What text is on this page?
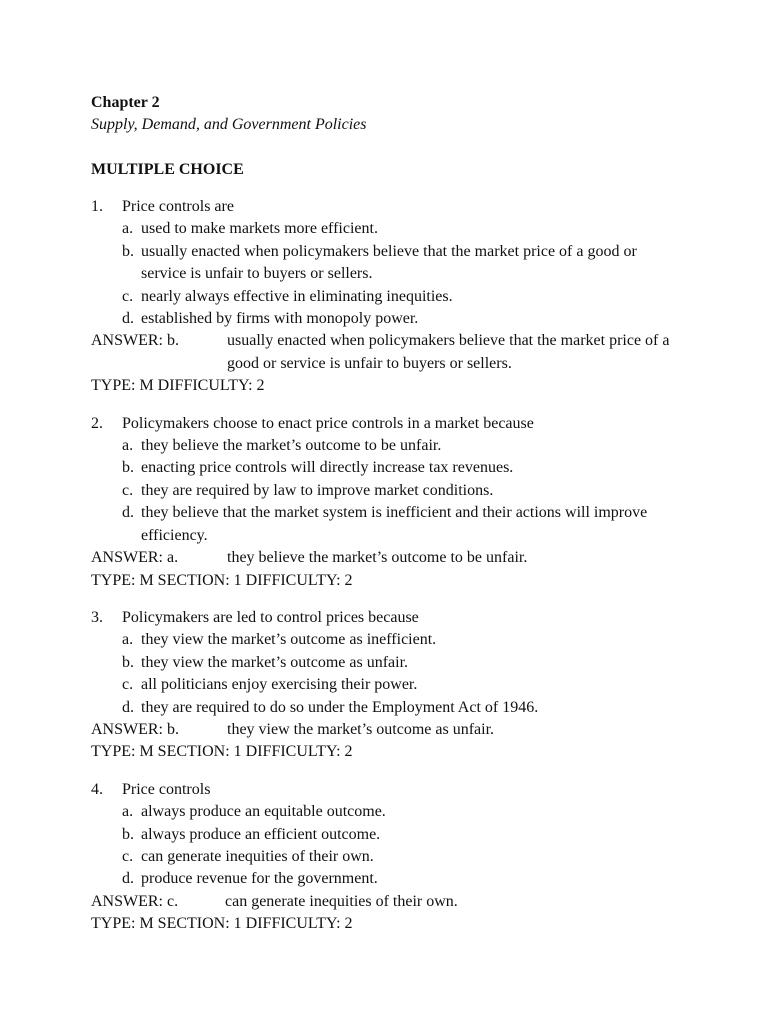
Chapter 2
Supply, Demand, and Government Policies
MULTIPLE CHOICE
1.	Price controls are
a. used to make markets more efficient.
b. usually enacted when policymakers believe that the market price of a good or service is unfair to buyers or sellers.
c. nearly always effective in eliminating inequities.
d. established by firms with monopoly power.
ANSWER: b.	usually enacted when policymakers believe that the market price of a good or service is unfair to buyers or sellers.
TYPE: M DIFFICULTY: 2
2.	Policymakers choose to enact price controls in a market because
a. they believe the market’s outcome to be unfair.
b. enacting price controls will directly increase tax revenues.
c. they are required by law to improve market conditions.
d. they believe that the market system is inefficient and their actions will improve efficiency.
ANSWER: a.	they believe the market’s outcome to be unfair.
TYPE: M SECTION: 1 DIFFICULTY: 2
3.	Policymakers are led to control prices because
a. they view the market’s outcome as inefficient.
b. they view the market’s outcome as unfair.
c. all politicians enjoy exercising their power.
d. they are required to do so under the Employment Act of 1946.
ANSWER: b.	they view the market’s outcome as unfair.
TYPE: M SECTION: 1 DIFFICULTY: 2
4.	Price controls
a. always produce an equitable outcome.
b. always produce an efficient outcome.
c. can generate inequities of their own.
d. produce revenue for the government.
ANSWER: c.	can generate inequities of their own.
TYPE: M SECTION: 1 DIFFICULTY: 2
